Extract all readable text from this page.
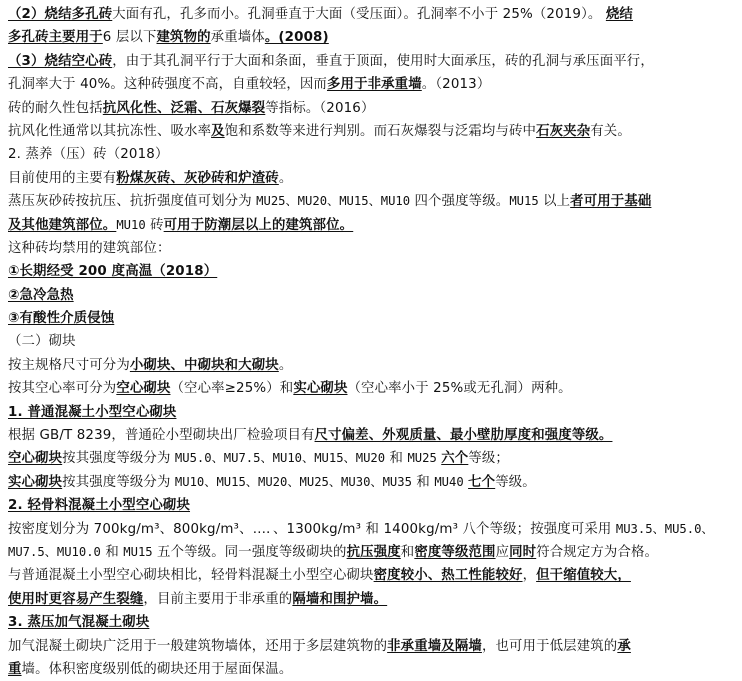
（2）烧结多孔砖大面有孔，孔多而小。孔洞垂直于大面（受压面）。孔洞率不小于 25%（2019）。 烧结
多孔砖主要用于6 层以下建筑物的承重墙体。(2008)
（3）烧结空心砖，由于其孔洞平行于大面和条面，垂直于顶面，使用时大面承压，砖的孔洞与承压面平行，
孔洞率大于 40%。这种砖强度不高，自重较轻，因而多用于非承重墙。（2013）
砖的耐久性包括抗风化性、泛霜、石灰爆裂等指标。（2016）
抗风化性通常以其抗冻性、吸水率及饱和系数等来进行判别。而石灰爆裂与泛霜均与砖中石灰夹杂有关。
2. 蒸养（压）砖（2018）
目前使用的主要有粉煤灰砖、灰砂砖和炉渣砖。
蒸压灰砂砖按抗压、抗折强度值可划分为 MU25、MU20、MU15、MU10 四个强度等级。MU15 以上者可用于基础
及其他建筑部位。MU10 砖可用于防潮层以上的建筑部位。
这种砖均禁用的建筑部位：
①长期经受 200 度高温（2018）
②急冷急热
③有酸性介质侵蚀
（二）砌块
按主规格尺寸可分为小砌块、中砌块和大砌块。
按其空心率可分为空心砌块（空心率≥25%）和实心砌块（空心率小于 25%或无孔洞）两种。
1. 普通混凝土小型空心砌块
根据 GB/T 8239，普通砼小型砌块出厂检验项目有尺寸偏差、外观质量、最小壁肋厚度和强度等级。
空心砌块按其强度等级分为 MU5.0、MU7.5、MU10、MU15、MU20 和 MU25 六个等级；
实心砌块按其强度等级分为 MU10、MU15、MU20、MU25、MU30、MU35 和 MU40 七个等级。
2. 轻骨料混凝土小型空心砌块
按密度划分为 700kg/m³、800kg/m³、…．、1300kg/m³ 和 1400kg/m³ 八个等级；按强度可采用 MU3.5、MU5.0、
MU7.5、MU10.0 和 MU15 五个等级。同一强度等级砌块的抗压强度和密度等级范围应同时符合规定方为合格。
与普通混凝土小型空心砌块相比，轻骨料混凝土小型空心砌块密度较小、热工性能较好，但干缩值较大，
使用时更容易产生裂缝，目前主要用于非承重的隔墙和围护墙。
3. 蒸压加气混凝土砌块
加气混凝土砌块广泛用于一般建筑物墙体，还用于多层建筑物的非承重墙及隔墙，也可用于低层建筑的承
重墙。体积密度级别低的砌块还用于屋面保温。
